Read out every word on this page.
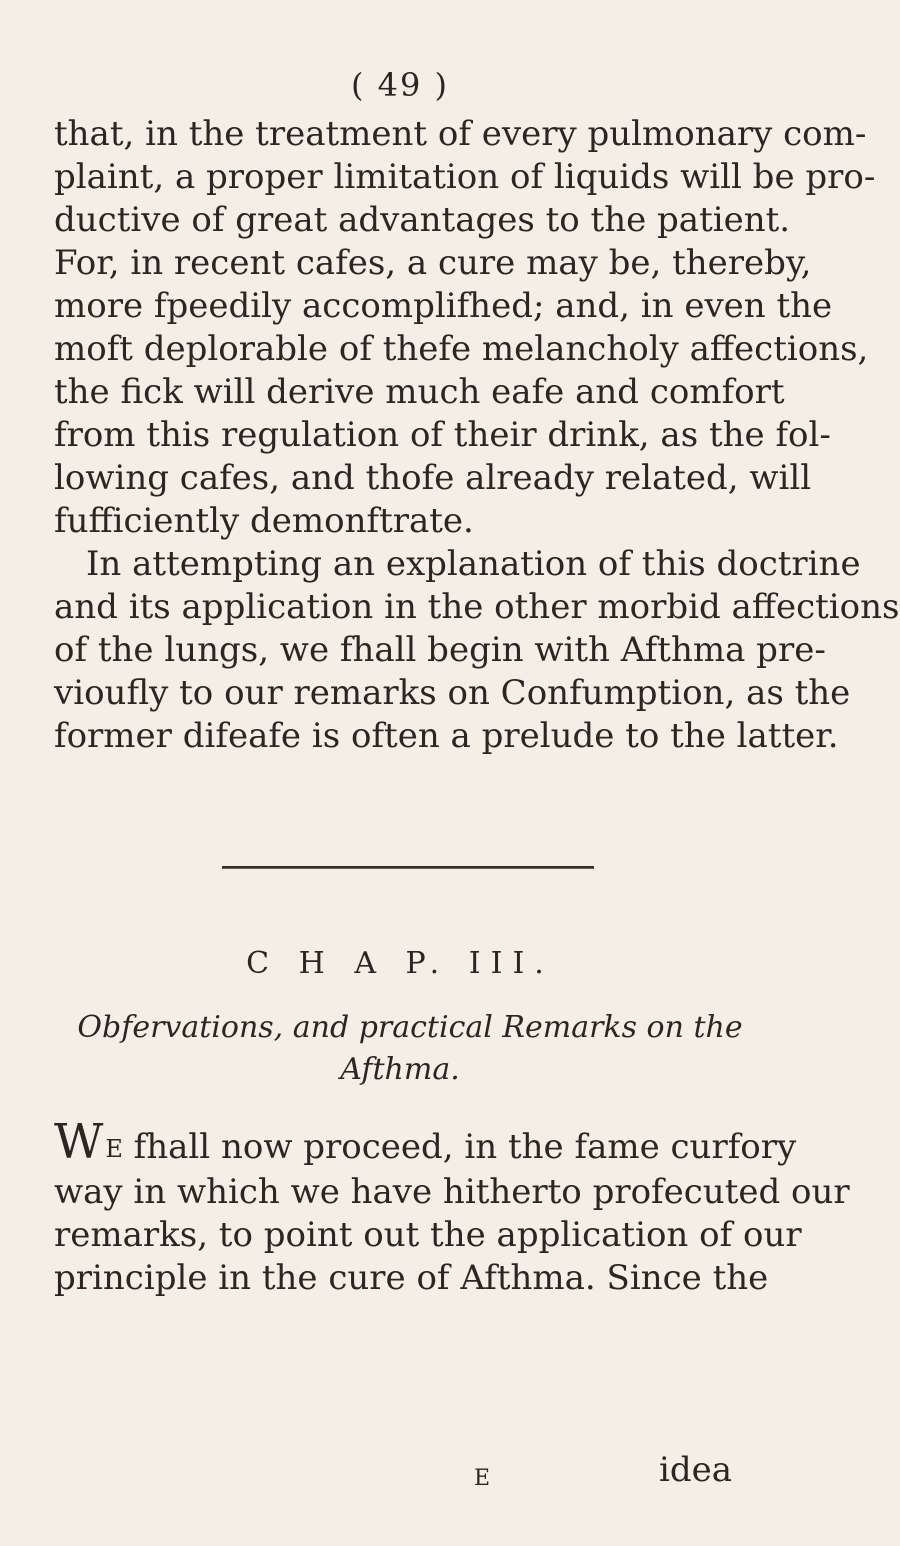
( 49 )
that, in the treatment of every pulmonary com-
plaint, a proper limitation of liquids will be pro-
ductive of great advantages to the patient.
For, in recent cafes, a cure may be, thereby,
more fpeedily accomplifhed; and, in even the
moft deplorable of thefe melancholy affections,
the fick will derive much eafe and comfort
from this regulation of their drink, as the fol-
lowing cafes, and thofe already related, will
fufficiently demonftrate.
In attempting an explanation of this doctrine
and its application in the other morbid affections
of the lungs, we fhall begin with Afthma pre-
vioufly to our remarks on Confumption, as the
former difeafe is often a prelude to the latter.
C H A P. III.
Obfervations, and practical Remarks on the
Afthma.
WE fhall now proceed, in the fame curfory
way in which we have hitherto profecuted our
remarks, to point out the application of our
principle in the cure of Afthma. Since the
E	idea
